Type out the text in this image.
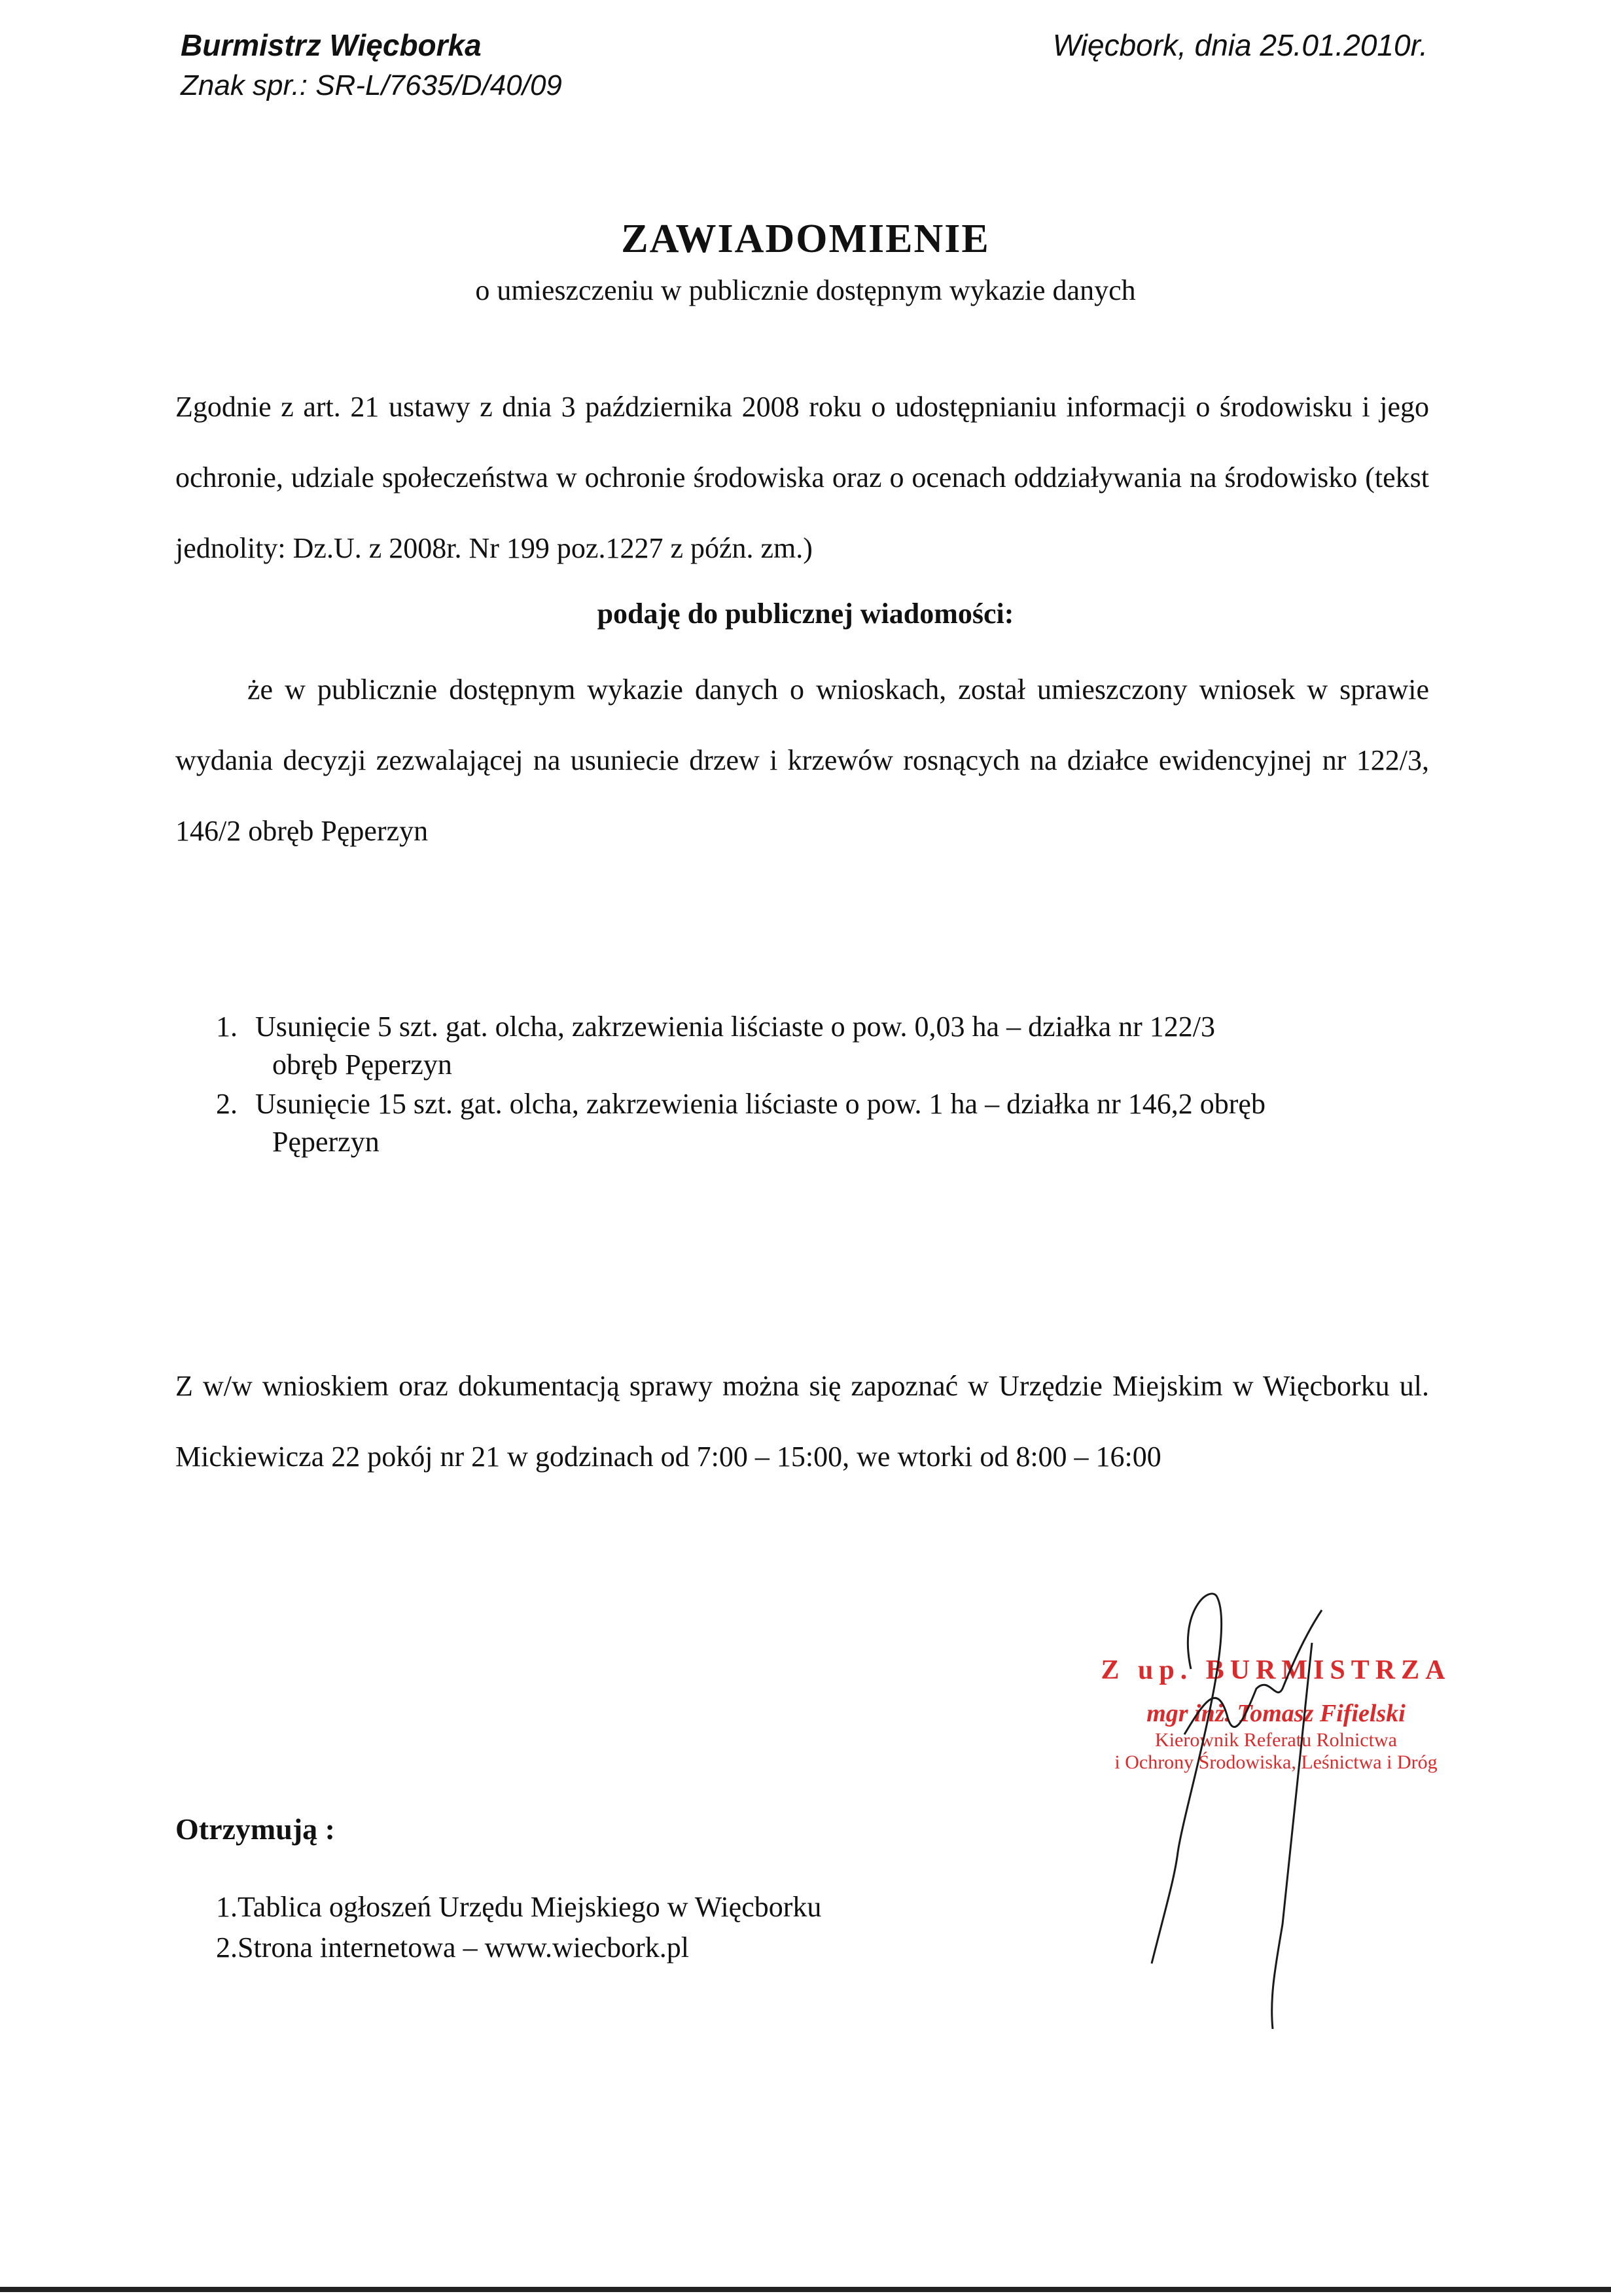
Burmistrz Więcborka
Znak spr.: SR-L/7635/D/40/09
Więcbork, dnia 25.01.2010r.
ZAWIADOMIENIE
o umieszczeniu w publicznie dostępnym wykazie danych
Zgodnie z art. 21 ustawy z dnia 3 października 2008 roku o udostępnianiu informacji o środowisku i jego ochronie, udziale społeczeństwa w ochronie środowiska oraz o ocenach oddziaływania na środowisko (tekst jednolity: Dz.U. z 2008r. Nr 199 poz.1227 z późn. zm.)
podaję do publicznej wiadomości:
że w publicznie dostępnym wykazie danych o wnioskach, został umieszczony wniosek w sprawie wydania decyzji zezwalającej na usuniecie drzew i krzewów rosnących na działce ewidencyjnej nr 122/3, 146/2 obręb Pęperzyn
1. Usunięcie 5 szt. gat. olcha, zakrzewienia liściaste o pow. 0,03 ha – działka nr 122/3
obręb Pęperzyn
2. Usunięcie 15 szt. gat. olcha, zakrzewienia liściaste o pow. 1 ha – działka nr 146,2 obręb
Pęperzyn
Z w/w wnioskiem oraz dokumentacją sprawy można się zapoznać w Urzędzie Miejskim w Więcborku ul. Mickiewicza 22 pokój nr 21 w godzinach od 7:00 – 15:00, we wtorki od 8:00 – 16:00
Z up. BURMISTRZA
mgr inż. Tomasz Fifielski
Kierownik Referatu Rolnictwa
i Ochrony Środowiska, Leśnictwa i Dróg
Otrzymują :
1.Tablica ogłoszeń Urzędu Miejskiego w Więcborku
2.Strona internetowa – www.wiecbork.pl
